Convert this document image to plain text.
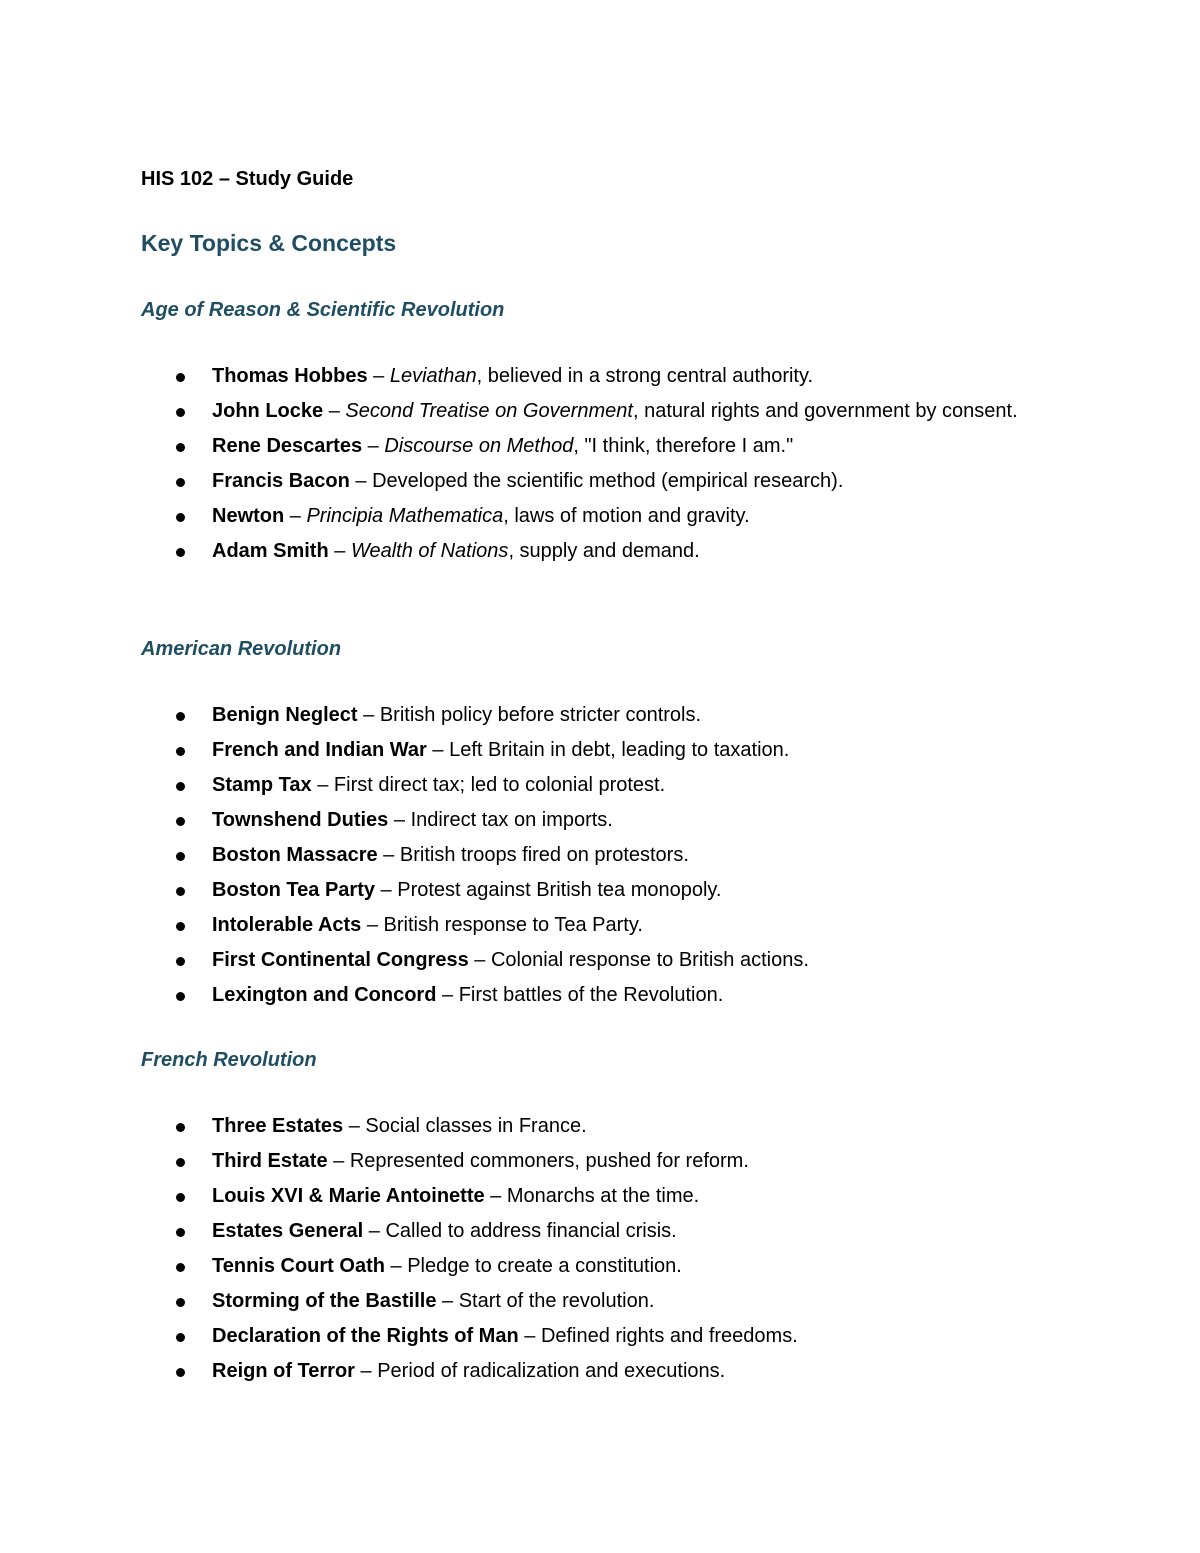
HIS 102 – Study Guide
Key Topics & Concepts
Age of Reason & Scientific Revolution
Thomas Hobbes – Leviathan, believed in a strong central authority.
John Locke – Second Treatise on Government, natural rights and government by consent.
Rene Descartes – Discourse on Method, "I think, therefore I am."
Francis Bacon – Developed the scientific method (empirical research).
Newton – Principia Mathematica, laws of motion and gravity.
Adam Smith – Wealth of Nations, supply and demand.
American Revolution
Benign Neglect – British policy before stricter controls.
French and Indian War – Left Britain in debt, leading to taxation.
Stamp Tax – First direct tax; led to colonial protest.
Townshend Duties – Indirect tax on imports.
Boston Massacre – British troops fired on protestors.
Boston Tea Party – Protest against British tea monopoly.
Intolerable Acts – British response to Tea Party.
First Continental Congress – Colonial response to British actions.
Lexington and Concord – First battles of the Revolution.
French Revolution
Three Estates – Social classes in France.
Third Estate – Represented commoners, pushed for reform.
Louis XVI & Marie Antoinette – Monarchs at the time.
Estates General – Called to address financial crisis.
Tennis Court Oath – Pledge to create a constitution.
Storming of the Bastille – Start of the revolution.
Declaration of the Rights of Man – Defined rights and freedoms.
Reign of Terror – Period of radicalization and executions.
